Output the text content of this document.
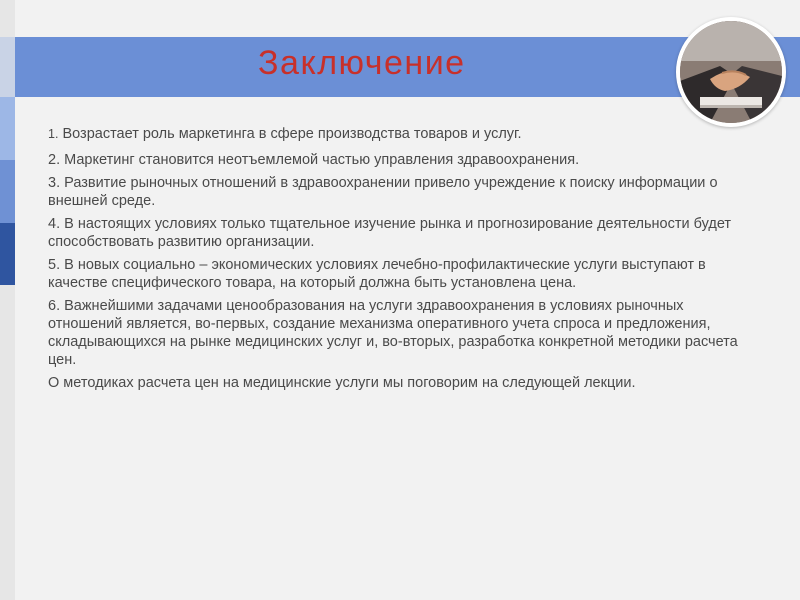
Заключение

1. Возрастает роль маркетинга в сфере производства товаров и услуг.

2. Маркетинг становится неотъемлемой частью управления здравоохранения.

3. Развитие рыночных отношений в здравоохранении привело учреждение к поиску информации о внешней среде.

4. В настоящих условиях только тщательное изучение рынка и прогнозирование деятельности будет способствовать развитию организации.

5. В новых социально – экономических условиях лечебно-профилактические услуги выступают в качестве специфического товара, на который должна быть установлена цена.

6. Важнейшими задачами ценообразования на услуги здравоохранения в условиях рыночных отношений является, во-первых, создание механизма оперативного учета спроса и предложения, складывающихся на рынке медицинских услуг и, во-вторых, разработка конкретной методики расчета цен.

О методиках расчета цен на медицинские услуги мы поговорим на следующей лекции.
